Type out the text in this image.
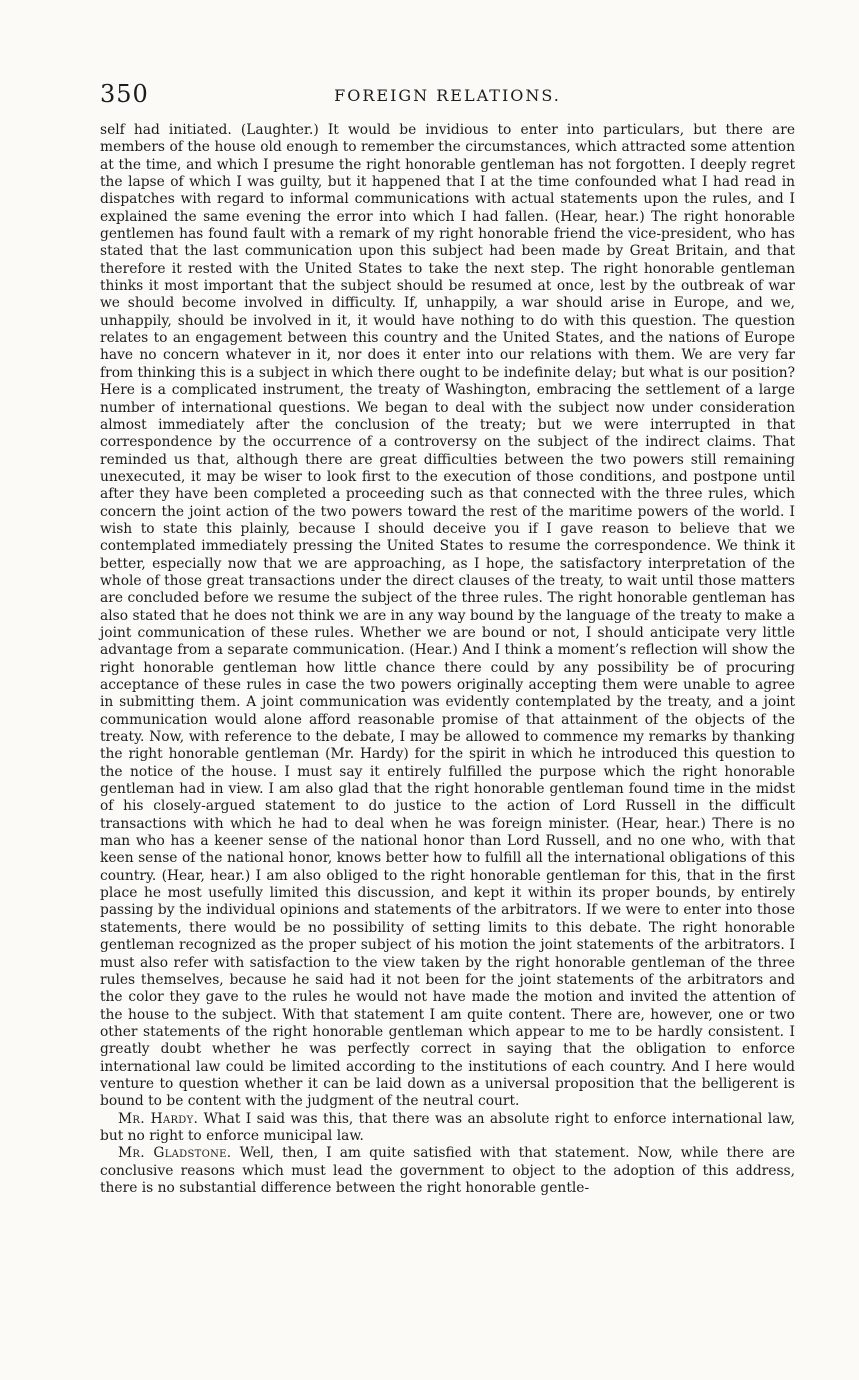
350	FOREIGN RELATIONS.

self had initiated. (Laughter.) It would be invidious to enter into particulars, but there are members of the house old enough to remember the circumstances, which attracted some attention at the time, and which I presume the right honorable gentleman has not forgotten. I deeply regret the lapse of which I was guilty, but it happened that I at the time confounded what I had read in dispatches with regard to informal communications with actual statements upon the rules, and I explained the same evening the error into which I had fallen. (Hear, hear.) The right honorable gentlemen has found fault with a remark of my right honorable friend the vice-president, who has stated that the last communication upon this subject had been made by Great Britain, and that therefore it rested with the United States to take the next step. The right honorable gentleman thinks it most important that the subject should be resumed at once, lest by the outbreak of war we should become involved in difficulty. If, unhappily, a war should arise in Europe, and we, unhappily, should be involved in it, it would have nothing to do with this question. The question relates to an engagement between this country and the United States, and the nations of Europe have no concern whatever in it, nor does it enter into our relations with them. We are very far from thinking this is a subject in which there ought to be indefinite delay; but what is our position? Here is a complicated instrument, the treaty of Washington, embracing the settlement of a large number of international questions. We began to deal with the subject now under consideration almost immediately after the conclusion of the treaty; but we were interrupted in that correspondence by the occurrence of a controversy on the subject of the indirect claims. That reminded us that, although there are great difficulties between the two powers still remaining unexecuted, it may be wiser to look first to the execution of those conditions, and postpone until after they have been completed a proceeding such as that connected with the three rules, which concern the joint action of the two powers toward the rest of the maritime powers of the world. I wish to state this plainly, because I should deceive you if I gave reason to believe that we contemplated immediately pressing the United States to resume the correspondence. We think it better, especially now that we are approaching, as I hope, the satisfactory interpretation of the whole of those great transactions under the direct clauses of the treaty, to wait until those matters are concluded before we resume the subject of the three rules. The right honorable gentleman has also stated that he does not think we are in any way bound by the language of the treaty to make a joint communication of these rules. Whether we are bound or not, I should anticipate very little advantage from a separate communication. (Hear.) And I think a moment’s reflection will show the right honorable gentleman how little chance there could by any possibility be of procuring acceptance of these rules in case the two powers originally accepting them were unable to agree in submitting them. A joint communication was evidently contemplated by the treaty, and a joint communication would alone afford reasonable promise of that attainment of the objects of the treaty. Now, with reference to the debate, I may be allowed to commence my remarks by thanking the right honorable gentleman (Mr. Hardy) for the spirit in which he introduced this question to the notice of the house. I must say it entirely fulfilled the purpose which the right honorable gentleman had in view. I am also glad that the right honorable gentleman found time in the midst of his closely-argued statement to do justice to the action of Lord Russell in the difficult transactions with which he had to deal when he was foreign minister. (Hear, hear.) There is no man who has a keener sense of the national honor than Lord Russell, and no one who, with that keen sense of the national honor, knows better how to fulfill all the international obligations of this country. (Hear, hear.) I am also obliged to the right honorable gentleman for this, that in the first place he most usefully limited this discussion, and kept it within its proper bounds, by entirely passing by the individual opinions and statements of the arbitrators. If we were to enter into those statements, there would be no possibility of setting limits to this debate. The right honorable gentleman recognized as the proper subject of his motion the joint statements of the arbitrators. I must also refer with satisfaction to the view taken by the right honorable gentleman of the three rules themselves, because he said had it not been for the joint statements of the arbitrators and the color they gave to the rules he would not have made the motion and invited the attention of the house to the subject. With that statement I am quite content. There are, however, one or two other statements of the right honorable gentleman which appear to me to be hardly consistent. I greatly doubt whether he was perfectly correct in saying that the obligation to enforce international law could be limited according to the institutions of each country. And I here would venture to question whether it can be laid down as a universal proposition that the belligerent is bound to be content with the judgment of the neutral court.

Mr. Hardy. What I said was this, that there was an absolute right to enforce international law, but no right to enforce municipal law.

Mr. Gladstone. Well, then, I am quite satisfied with that statement. Now, while there are conclusive reasons which must lead the government to object to the adoption of this address, there is no substantial difference between the right honorable gentle-
